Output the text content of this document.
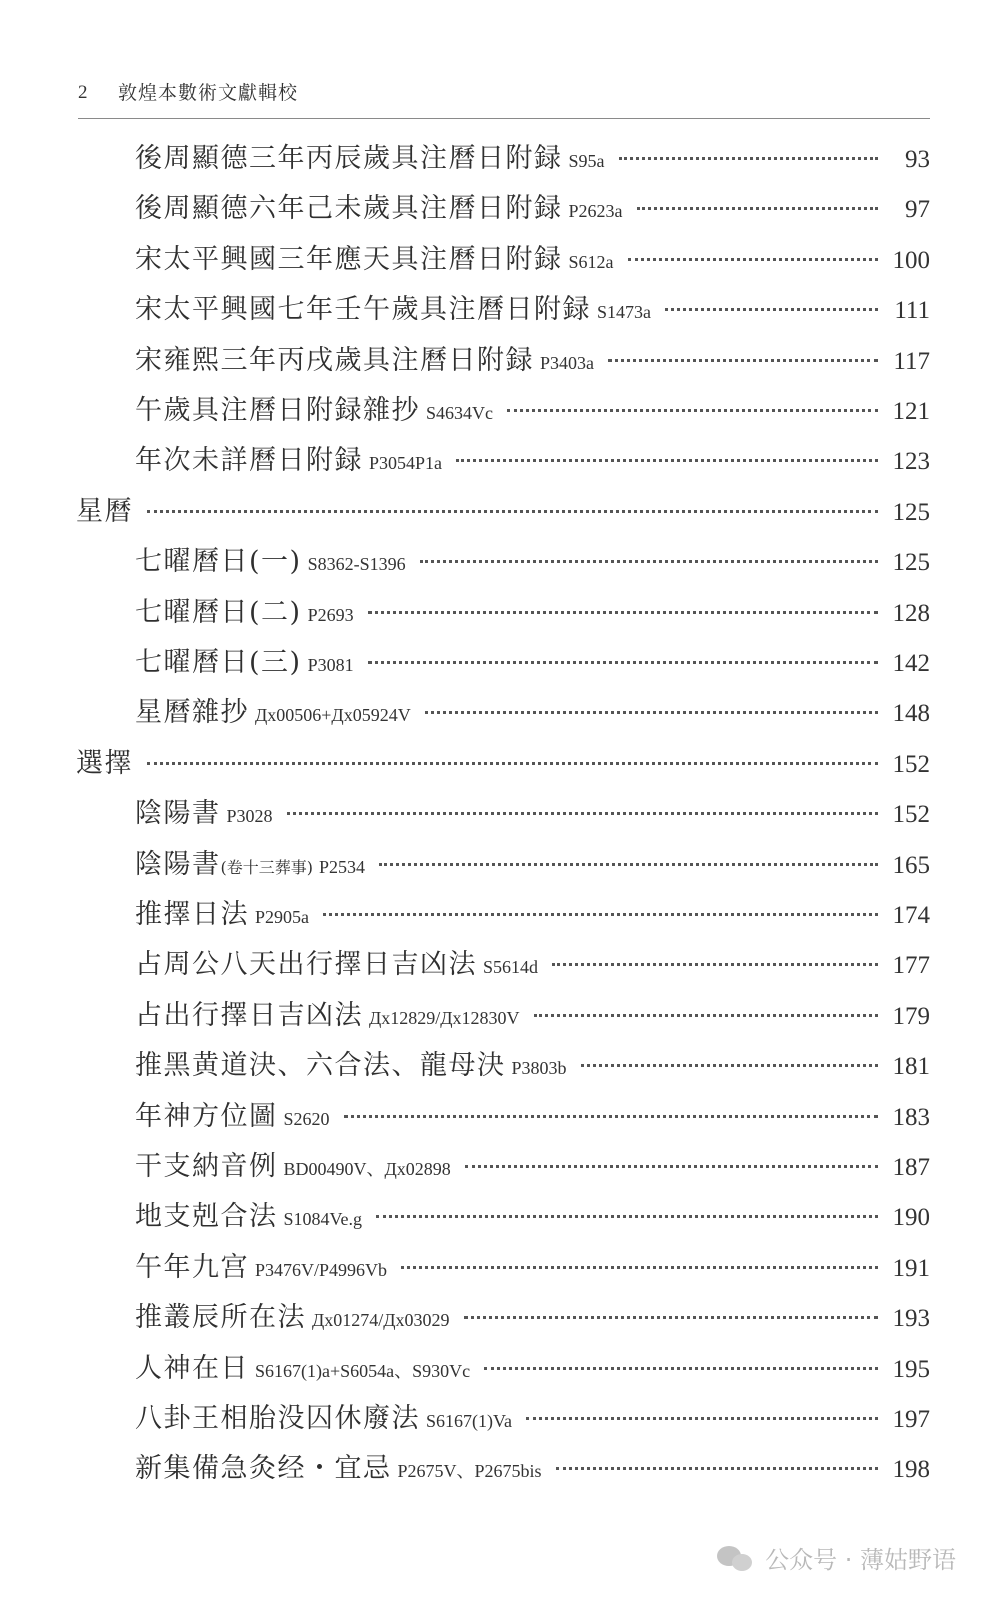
2	敦煌本數術文獻輯校
後周顯德三年丙辰歲具注曆日附録 S95a	93
後周顯德六年己未歲具注曆日附録 P2623a	97
宋太平興國三年應天具注曆日附録 S612a	100
宋太平興國七年壬午歲具注曆日附録 S1473a	111
宋雍熙三年丙戌歲具注曆日附録 P3403a	117
午歲具注曆日附録雜抄 S4634Vc	121
年次未詳曆日附録 P3054P1a	123
星曆	125
七曜曆日(一) S8362-S1396	125
七曜曆日(二) P2693	128
七曜曆日(三) P3081	142
星曆雜抄 Дх00506+Дх05924V	148
選擇	152
陰陽書 P3028	152
陰陽書 (卷十三葬事) P2534	165
推擇日法 P2905a	174
占周公八天出行擇日吉凶法 S5614d	177
占出行擇日吉凶法 Дх12829/Дх12830V	179
推黑黄道決、六合法、龍母決 P3803b	181
年神方位圖 S2620	183
干支納音例 BD00490V、Дх02898	187
地支剋合法 S1084Ve.g	190
午年九宫 P3476V/P4996Vb	191
推叢辰所在法 Дх01274/Дх03029	193
人神在日 S6167(1)a+S6054a、S930Vc	195
八卦王相胎没囚休廢法 S6167(1)Va	197
新集備急灸经・宜忌 P2675V、P2675bis	198
公众号 · 薄姑野语
